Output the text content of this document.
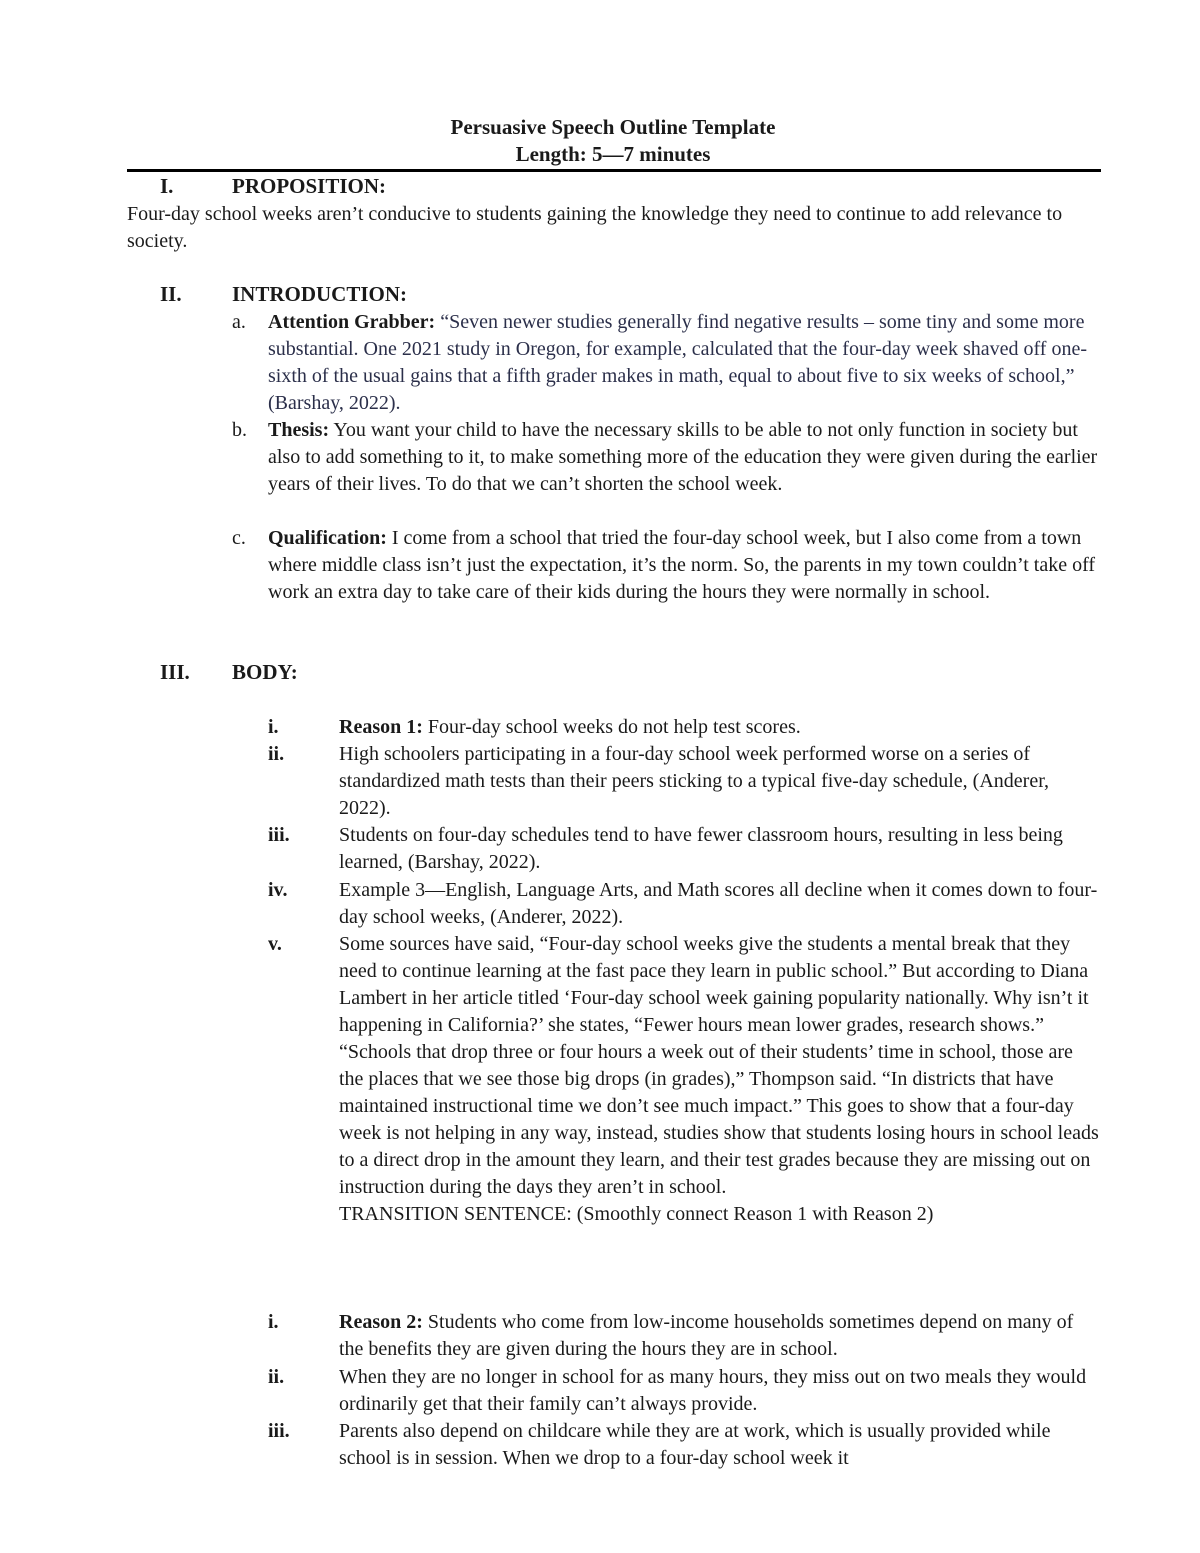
Persuasive Speech Outline Template
Length: 5—7 minutes
I.	PROPOSITION:
Four-day school weeks aren’t conducive to students gaining the knowledge they need to continue to add relevance to society.
II. INTRODUCTION:
a. Attention Grabber: “Seven newer studies generally find negative results – some tiny and some more substantial. One 2021 study in Oregon, for example, calculated that the four-day week shaved off one-sixth of the usual gains that a fifth grader makes in math, equal to about five to six weeks of school,” (Barshay, 2022).
b. Thesis: You want your child to have the necessary skills to be able to not only function in society but also to add something to it, to make something more of the education they were given during the earlier years of their lives. To do that we can’t shorten the school week.
c. Qualification: I come from a school that tried the four-day school week, but I also come from a town where middle class isn’t just the expectation, it’s the norm. So, the parents in my town couldn’t take off work an extra day to take care of their kids during the hours they were normally in school.
III. BODY:
i.	Reason 1: Four-day school weeks do not help test scores.
ii.	High schoolers participating in a four-day school week performed worse on a series of standardized math tests than their peers sticking to a typical five-day schedule, (Anderer, 2022).
iii. Students on four-day schedules tend to have fewer classroom hours, resulting in less being learned, (Barshay, 2022).
iv.	Example 3—English, Language Arts, and Math scores all decline when it comes down to four-day school weeks, (Anderer, 2022).
v.	Some sources have said, “Four-day school weeks give the students a mental break that they need to continue learning at the fast pace they learn in public school.” But according to Diana Lambert in her article titled ‘Four-day school week gaining popularity nationally. Why isn’t it happening in California?’ she states, “Fewer hours mean lower grades, research shows.” “Schools that drop three or four hours a week out of their students’ time in school, those are the places that we see those big drops (in grades),” Thompson said. “In districts that have maintained instructional time we don’t see much impact.” This goes to show that a four-day week is not helping in any way, instead, studies show that students losing hours in school leads to a direct drop in the amount they learn, and their test grades because they are missing out on instruction during the days they aren’t in school.
TRANSITION SENTENCE: (Smoothly connect Reason 1 with Reason 2)
i.	Reason 2: Students who come from low-income households sometimes depend on many of the benefits they are given during the hours they are in school.
ii.	When they are no longer in school for as many hours, they miss out on two meals they would ordinarily get that their family can’t always provide.
iii. Parents also depend on childcare while they are at work, which is usually provided while school is in session. When we drop to a four-day school week it
